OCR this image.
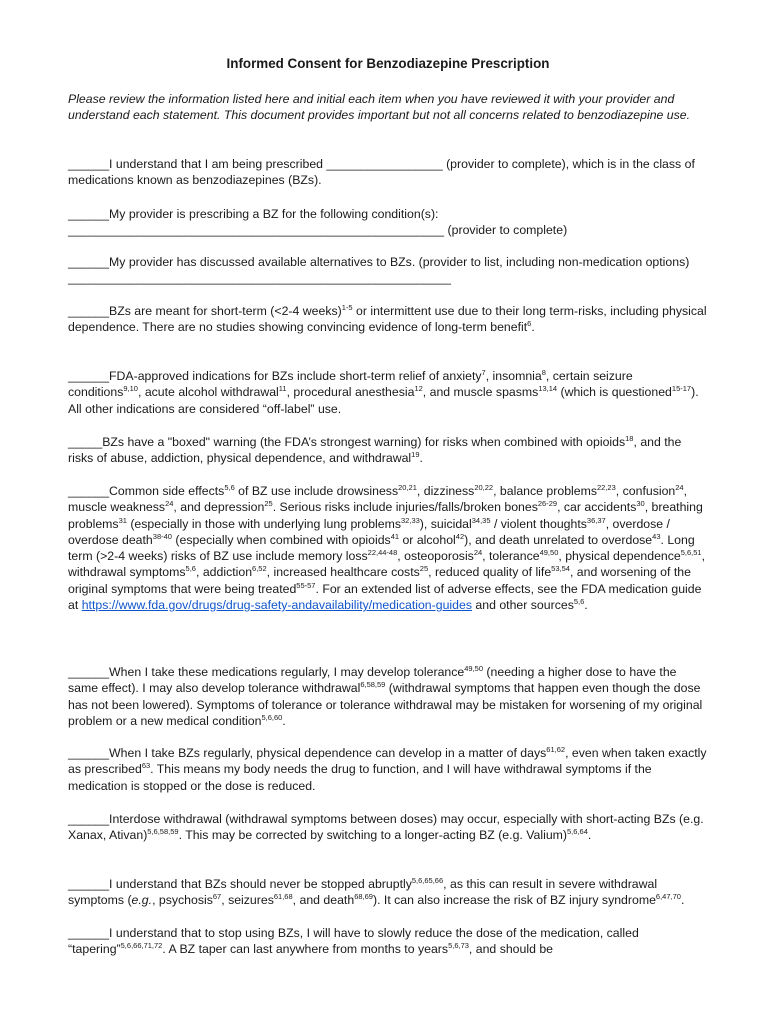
Informed Consent for Benzodiazepine Prescription
Please review the information listed here and initial each item when you have reviewed it with your provider and understand each statement. This document provides important but not all concerns related to benzodiazepine use.
______I understand that I am being prescribed _________________ (provider to complete), which is in the class of medications known as benzodiazepines (BZs).
______My provider is prescribing a BZ for the following condition(s): _______________________________________________________ (provider to complete)
______My provider has discussed available alternatives to BZs. (provider to list, including non-medication options) ________________________________________________________
______BZs are meant for short-term (<2-4 weeks)$^{1-5}$ or intermittent use due to their long term-risks, including physical dependence. There are no studies showing convincing evidence of long-term benefit$^6$.
______FDA-approved indications for BZs include short-term relief of anxiety$^7$, insomnia$^8$, certain seizure conditions$^{9,10}$, acute alcohol withdrawal$^{11}$, procedural anesthesia$^{12}$, and muscle spasms$^{13,14}$ (which is questioned$^{15-17}$). All other indications are considered “off-label” use.
_____BZs have a "boxed" warning (the FDA’s strongest warning) for risks when combined with opioids$^{18}$, and the risks of abuse, addiction, physical dependence, and withdrawal$^{19}$.
______Common side effects$^{5,6}$ of BZ use include drowsiness$^{20,21}$, dizziness$^{20,22}$, balance problems$^{22,23}$, confusion$^{24}$, muscle weakness$^{24}$, and depression$^{25}$. Serious risks include injuries/falls/broken bones$^{26-29}$, car accidents$^{30}$, breathing problems$^{31}$ (especially in those with underlying lung problems$^{32,33}$), suicidal$^{34,35}$ / violent thoughts$^{36,37}$, overdose / overdose death$^{38-40}$ (especially when combined with opioids$^{41}$ or alcohol$^{42}$), and death unrelated to overdose$^{43}$. Long term (>2-4 weeks) risks of BZ use include memory loss$^{22,44-48}$, osteoporosis$^{24}$, tolerance$^{49,50}$, physical dependence$^{5,6,51}$, withdrawal symptoms$^{5,6}$, addiction$^{6,52}$, increased healthcare costs$^{25}$, reduced quality of life$^{53,54}$, and worsening of the original symptoms that were being treated$^{55-57}$. For an extended list of adverse effects, see the FDA medication guide at https://www.fda.gov/drugs/drug-safety-andavailability/medication-guides and other sources$^{5,6}$.
______When I take these medications regularly, I may develop tolerance$^{49,50}$ (needing a higher dose to have the same effect). I may also develop tolerance withdrawal$^{6,58,59}$ (withdrawal symptoms that happen even though the dose has not been lowered). Symptoms of tolerance or tolerance withdrawal may be mistaken for worsening of my original problem or a new medical condition$^{5,6,60}$.
______When I take BZs regularly, physical dependence can develop in a matter of days$^{61,62}$, even when taken exactly as prescribed$^{63}$. This means my body needs the drug to function, and I will have withdrawal symptoms if the medication is stopped or the dose is reduced.
______Interdose withdrawal (withdrawal symptoms between doses) may occur, especially with short-acting BZs (e.g. Xanax, Ativan)$^{5,6,58,59}$. This may be corrected by switching to a longer-acting BZ (e.g. Valium)$^{5,6,64}$.
______I understand that BZs should never be stopped abruptly$^{5,6,65,66}$, as this can result in severe withdrawal symptoms (e.g., psychosis$^{67}$, seizures$^{61,68}$, and death$^{68,69}$). It can also increase the risk of BZ injury syndrome$^{6,47,70}$.
______I understand that to stop using BZs, I will have to slowly reduce the dose of the medication, called “tapering”$^{5,6,66,71,72}$. A BZ taper can last anywhere from months to years$^{5,6,73}$, and should be
